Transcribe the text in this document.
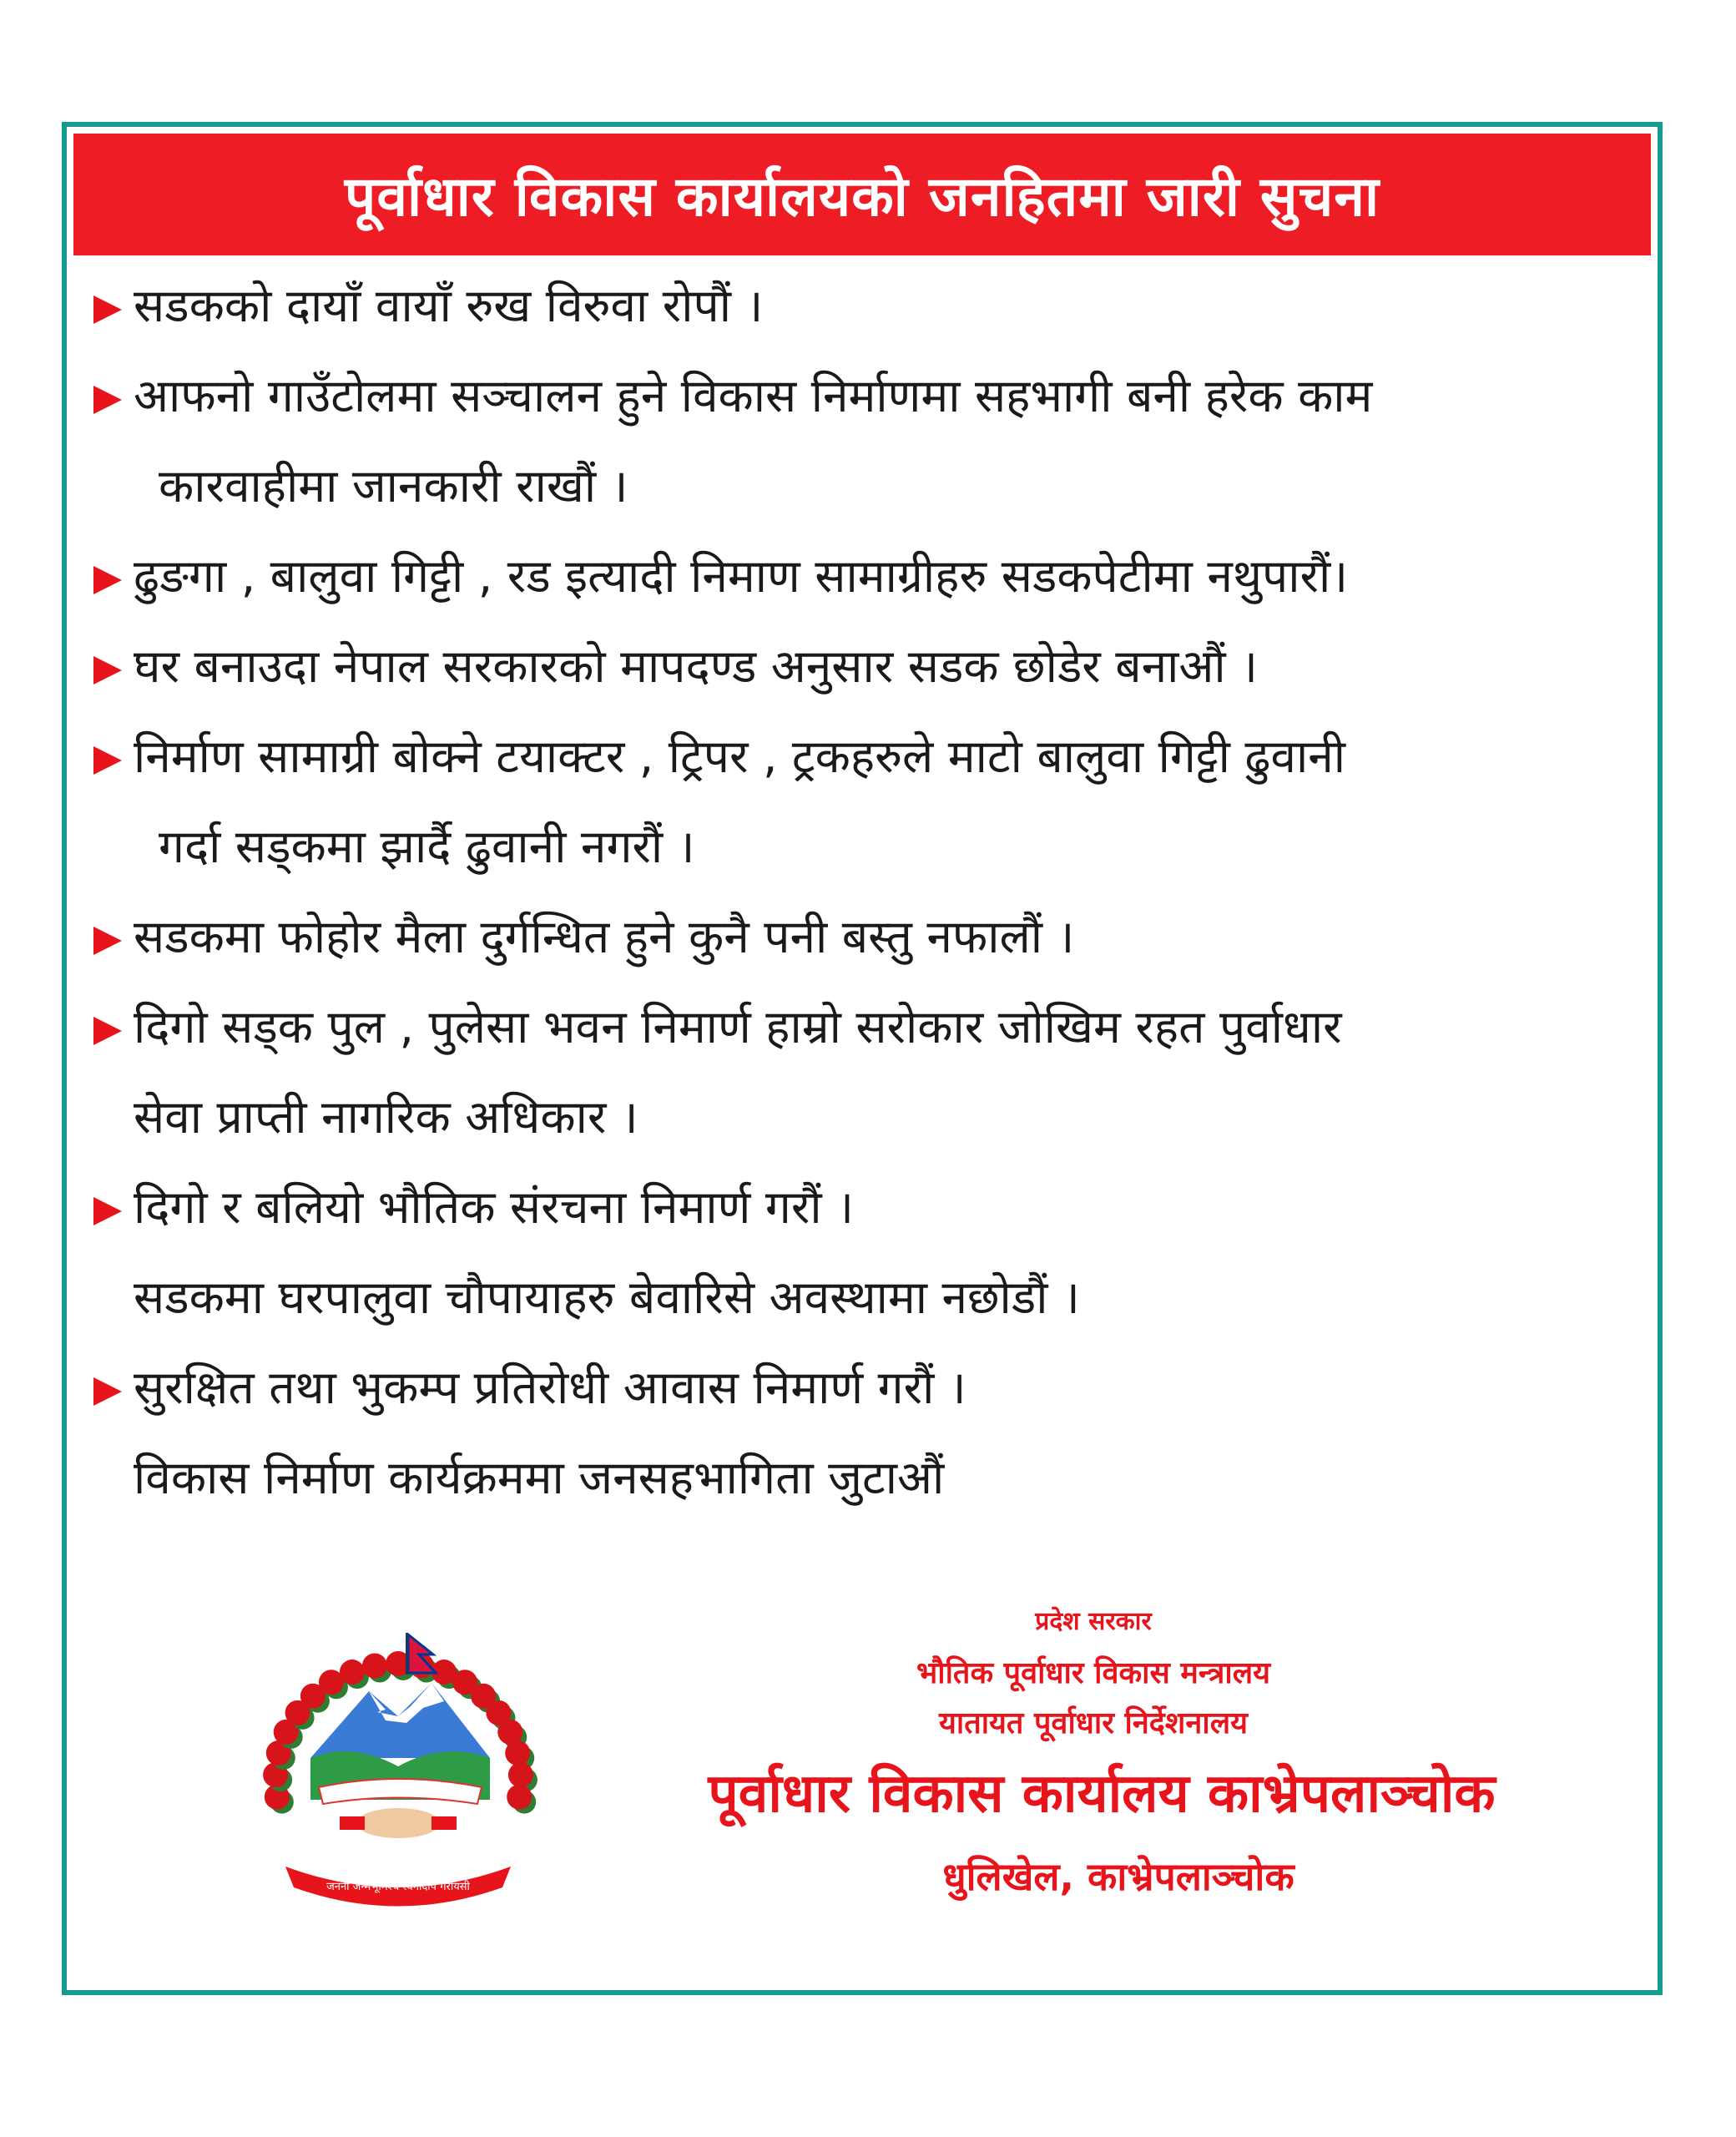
पूर्वाधार विकास कार्यालयको जनहितमा जारी सुचना
सडकको दायाँ वायाँ रुख विरुवा रोपौं ।
आफनो गाउँटोलमा सञ्चालन हुने विकास निर्माणमा सहभागी बनी हरेक काम
कारवाहीमा जानकारी राखौं ।
ढुङगा , बालुवा गिट्टी , रड इत्यादी निमाण सामाग्रीहरु सडकपेटीमा नथुपारौं।
घर बनाउदा नेपाल सरकारको मापदण्ड अनुसार सडक छोडेर बनाऔं ।
निर्माण सामाग्री बोक्ने टयाक्टर , ट्रिपर , ट्रकहरुले माटो बालुवा गिट्टी ढुवानी
गर्दा सड्कमा झार्दै ढुवानी नगरौं ।
सडकमा फोहोर मैला दुर्गन्धित हुने कुनै पनी बस्तु नफालौं ।
दिगो सड्क पुल , पुलेसा भवन निमार्ण हाम्रो सरोकार जोखिम रहत पुर्वाधार
सेवा प्राप्ती नागरिक अधिकार ।
दिगो र बलियो भौतिक संरचना निमार्ण गरौं ।
सडकमा घरपालुवा चौपायाहरु बेवारिसे अवस्थामा नछोडौं ।
सुरक्षित तथा भुकम्प प्रतिरोधी आवास निमार्ण गरौं ।
विकास निर्माण कार्यक्रममा जनसहभागिता जुटाऔं
जननी जन्मभूमिश्च स्वर्गादपि गरीयसी
प्रदेश सरकार
भौतिक पूर्वाधार विकास मन्त्रालय
यातायत पूर्वाधार निर्देशनालय
पूर्वाधार विकास कार्यालय काभ्रेपलाञ्चोक
धुलिखेल, काभ्रेपलाञ्चोक
